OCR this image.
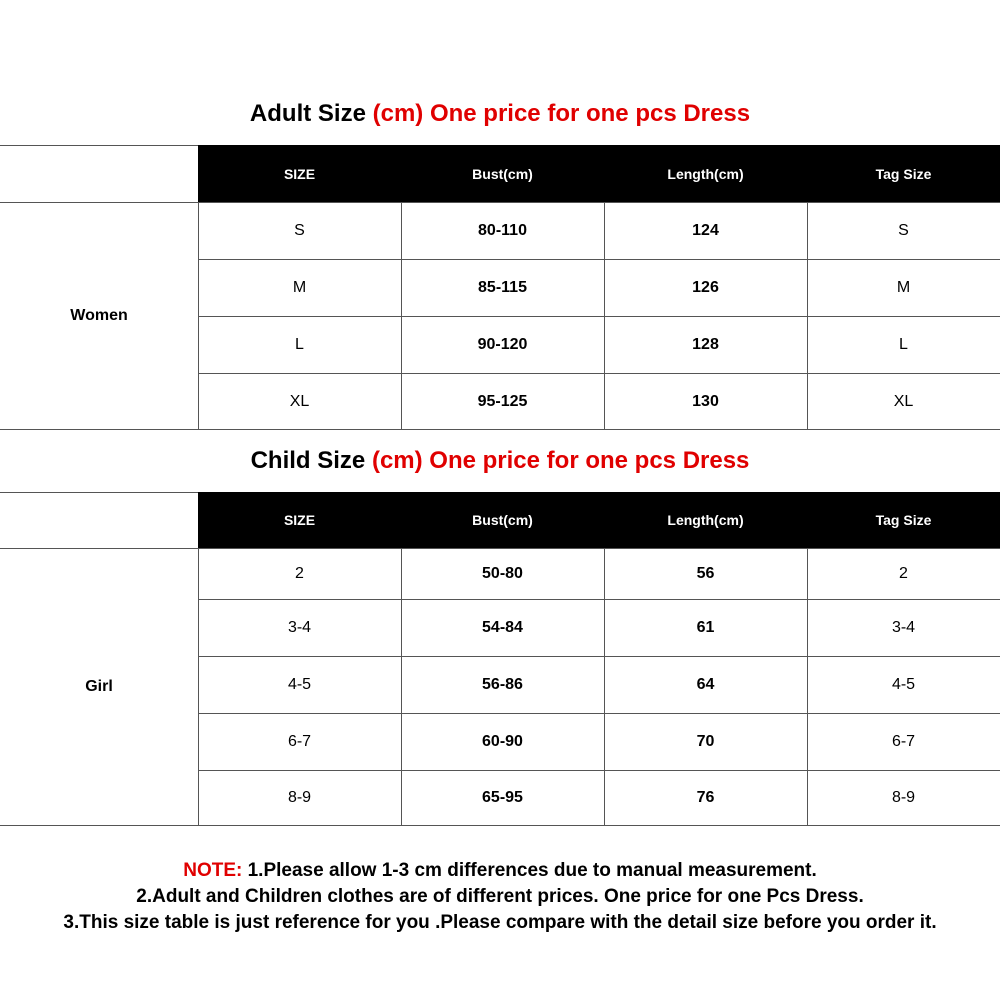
Adult Size (cm) One price for one pcs Dress
SIZE	Bust(cm)	Length(cm)	Tag Size
Women
S	80-110	124	S
M	85-115	126	M
L	90-120	128	L
XL	95-125	130	XL
Child Size (cm) One price for one pcs Dress
SIZE	Bust(cm)	Length(cm)	Tag Size
Girl
2	50-80	56	2
3-4	54-84	61	3-4
4-5	56-86	64	4-5
6-7	60-90	70	6-7
8-9	65-95	76	8-9
NOTE: 1.Please allow 1-3 cm differences due to manual measurement.
2.Adult and Children clothes are of different prices. One price for one Pcs Dress.
3.This size table is just reference for you .Please compare with the detail size before you order it.
